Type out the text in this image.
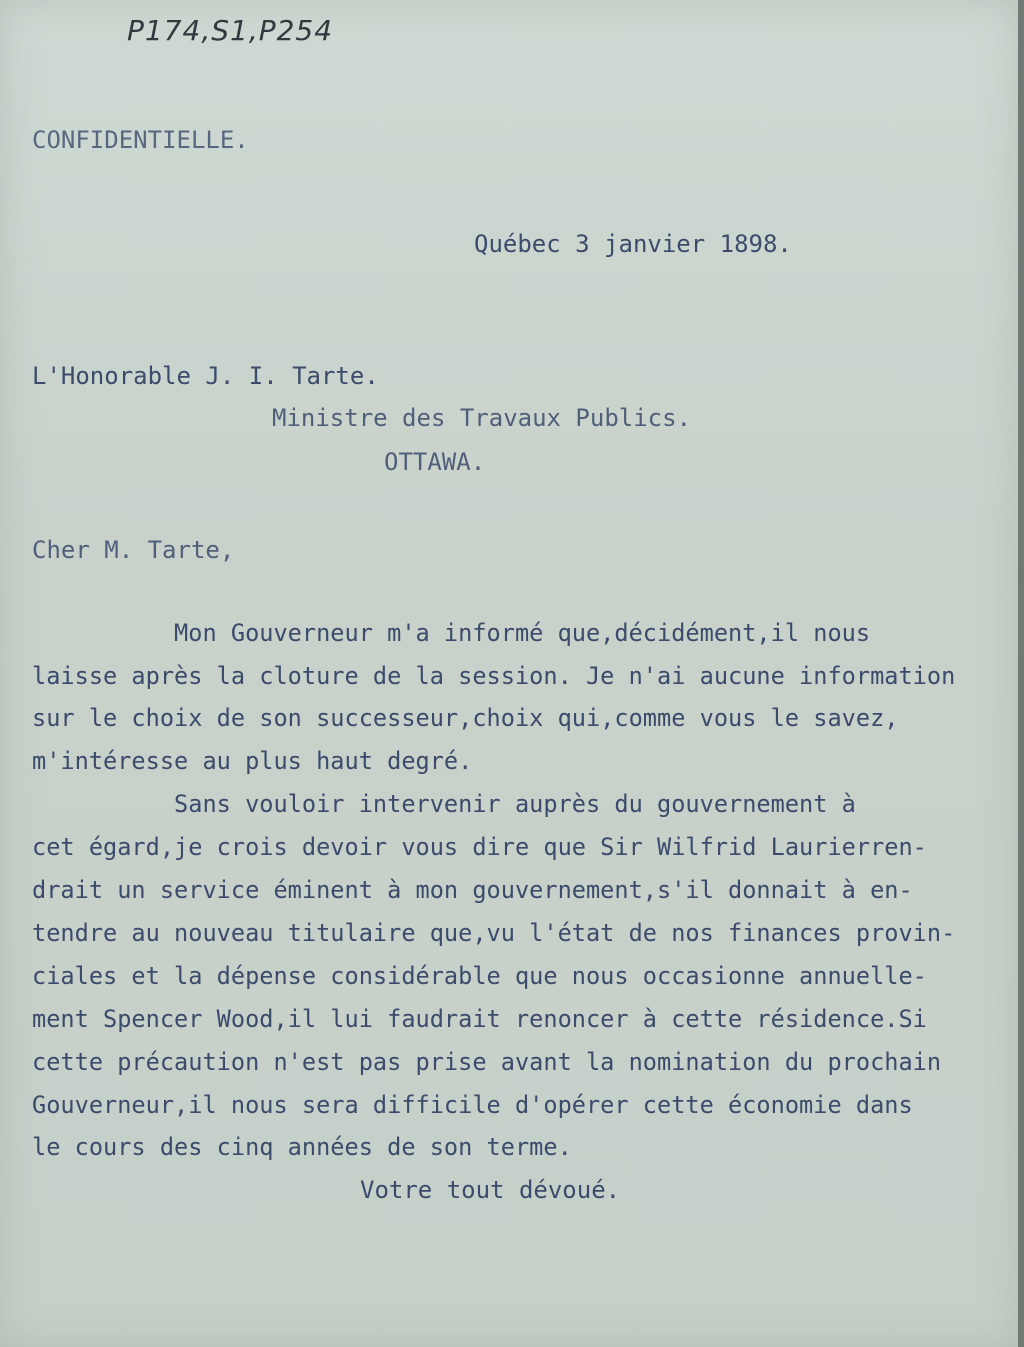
P174,S1,P254
CONFIDENTIELLE.
Québec 3 janvier 1898.
L'Honorable J. I. Tarte.
Ministre des Travaux Publics.
OTTAWA.
Cher M. Tarte,
Mon Gouverneur m'a informé que,décidément,il nous
laisse après la cloture de la session. Je n'ai aucune information
sur le choix de son successeur,choix qui,comme vous le savez,
m'intéresse au plus haut degré.
Sans vouloir intervenir auprès du gouvernement à
cet égard,je crois devoir vous dire que Sir Wilfrid Laurierren-
drait un service éminent à mon gouvernement,s'il donnait à en-
tendre au nouveau titulaire que,vu l'état de nos finances provin-
ciales et la dépense considérable que nous occasionne annuelle-
ment Spencer Wood,il lui faudrait renoncer à cette résidence.Si
cette précaution n'est pas prise avant la nomination du prochain
Gouverneur,il nous sera difficile d'opérer cette économie dans
le cours des cinq années de son terme.
Votre tout dévoué.
